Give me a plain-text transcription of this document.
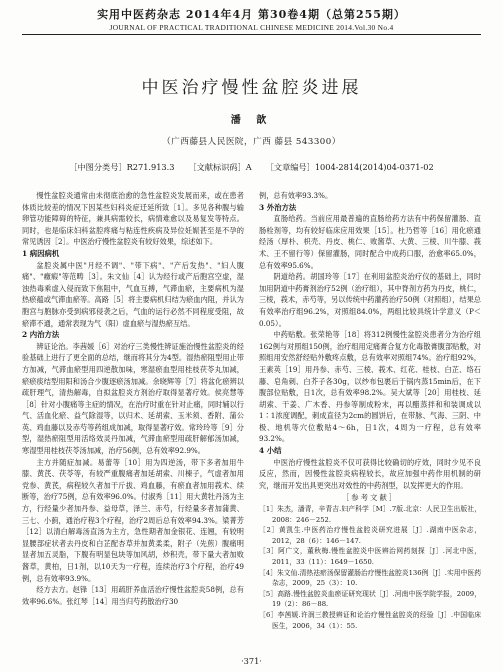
实用中医药杂志 2014年4月 第30卷4期（总第255期）
JOURNAL OF PRACTICAL TRADITIONAL CHINESE MEDICINE 2014.Vol.30 No.4
中医治疗慢性盆腔炎进展
潘 歆
（广西藤县人民医院，广西 藤县 543300）
［中图分类号］R271.913.3 ［文献标识码］A ［文章编号］1004-2814(2014)04-0371-02

慢性盆腔炎通常由未彻底治愈的急性盆腔炎发展而来，或在患者体质比较差的情况下因某些妇科炎症迁延所致［1］。多见各种腹与输卵管功能障碍的特征，兼具病需较长，病情难愈以及易复发等特点。同时，也是临床妇科盆腔疼痛与粘连性疾病及异位妊娠甚至是不孕的常见诱因［2］。中医治疗慢性盆腔炎有较好效果，综述如下。

1 病因病机

盆腔炎属中医"月经不调"、"带下病"、"产后发热"、"妇人腹痛"、"癥瘕"等范畴［3］。朱文仙［4］认为经行或产后胞宫空虚，湿浊热毒乘虚入侵而致下焦阻中，气血互搏，气滞血瘀，主要病机为湿热瘀蕴或气滞血瘀等。高路［5］将主要病机归结为瘀血内阻，并认为胞宫与胞脉亦受到病邪侵袭之后，气血的运行必然不同程度受阻，故瘀滞不通，通常表现为气（阳）虚血瘀与湿热瘀互结。

2 内治方法

辨证论治。李茜媛［6］对治疗三类慢性辨证施治慢性盆腔炎的经验基础上进行了更全面的总结，继而将其分为4型。湿热瘀阻型用止带方加减，气滞血瘀型用四逆散加味，寒湿瘀血型用桂枝茯苓丸加减，瘀瘀痰结型用阳和汤合少腹逐瘀汤加减。余晓辉等［7］将盆化瘀辨以疏肝理气，清热解毒，自拟盆腔炎方剂治疗取得显著疗效。侯亮慧等［8］针对小腹痛等主症的情况，在治疗时重在针对止痛，同时辅以行气、活血化瘀、益气除湿等，以归术、延胡索、玉米须、香附、蒲公英、鸡血藤以及赤芍等药组成加减，取得显著疗效。常玲玲等［9］分型，湿热瘀阻型用活络效灵丹加减，气滞血瘀型用疏肝解郁汤加减，寒湿型用桂枝茯苓汤加减，治疗56例，总有效率92.9%。

主方并随症加减。易蕾等［10］用为四逆汤，带下多者加用牛膝、黄芪、茯苓等，有较严重腹痛者加延胡索、川楝子，气虚者加用党参、黄芪，病程较久者加干斤拔、鸡血藤，有瘀血者加用莪术、续断等，治疗75例，总有效率96.0%。付淑秀［11］用大黄牡丹汤为主方，行经量少者加丹参、益母草，泽兰、赤芍，行经量多者加蒲黄、三七、小蓟，通治疗程3个疗程，治疗2周后总有效率94.3%。梁菁芳［12］以清白解毒汤直汤为主方，急性期者加金银花、连翘，有较明显腰部症状者去丹皮和白芷配杏草并加黄柔柔，附子（先煎）腹痛明显者加五灵脂，下腹有明显包块等加风胡，炒积壳，带下量大者加败酱草，黄柏，日1剂，以10天为一疗程，连续治疗3个疗程，治疗49例，总有效率93.9%。

经方去方。赵锋［13］用疏肝养血活治疗慢性盆腔炎58例，总有效率96.6%。张红琴［14］用当归芍药散治疗30

例，总有效率93.3%。
3 外治方法

直肠给药。当前应用最普遍的直肠给药方法有中药保留灌肠、直肠栓剂等，均有较好临床应用效果［15］。杜乃哲等［16］用化瘀通经汤（厚朴、枳壳、丹皮、桃仁、败酱草、大黄、三棱、川牛膝、莪术、王不留行等）保留灌肠，同时配合中成药口服，治愈率65.0%，总有效率95.6%。

阴道给药。胡国玲等［17］在利用盆腔炎治疗仪的基础上，同时加用阴道中药膏剂治疗52例（治疗组），其中脊剂方药为丹皮，桃仁，三棱，莪术，赤芍等，另以传统中药灌药治疗50例（对照组），结果总有效率治疗组96.2%，对照组84.0%，两组比较具统计学意义（P＜0.05）。

中药贴敷。张荣艳等［18］将312例慢性盆腔炎患者分为治疗组162例与对照组150例，治疗组用定痛膏合复方化毒散膏腹部贴敷，对照组用安然舒经贴外敷疼点敷，总有效率对照组74%。治疗组92%，王素英［19］用丹参、赤芍、三棱、莪术、红花、桂枝、白芷、络石藤、皂角刺、白芥子各30g，以纱布包裹后于锅内蒸15min后，在下腹部位贴敷，日1次，总有效率98.2%。吴大斌等［20］用桂枝、延胡索、干姜、广木香、丹参等制成粉末，再以醋蒸拌和和装调成以1∶1浓度调配，刺成直径为2cm的圆饼后，在带脉、气海、三阴、中极、地机等穴位敷贴4～6h，日1次，4周为一疗程，总有效率93.2%。

4 小结

中医治疗慢性盆腔炎不仅可获得比较确切的疗效，同时少见不良反应，然而，因慢性盆腔炎病程较长，故应加强中药作用机制的研究，继而开发出具更突出对效性的中药剂型，以发挥更大的作用。

［参考文献］
［1］朱杰，潘青，辛青吉.妇产科学［M］.7版.北京：人民卫生出版社，2008：246－252.
［2］黄凯生.中医药治疗慢性盆腔炎研究进展［J］.湖南中医杂志，2012，28（6）：146－147.
［3］阿广文，董秋梅.慢性盆腔炎中医辨治网药刻探［J］.河北中医，2011，33（11）：1649－1650.
［4］朱文仙.清热祛瘀汤保留灌肠治疗慢性盆腔炎136例［J］.实用中医药杂志，2009，25（3）：10.
［5］高路.慢性盆腔炎血瘀证研究现状［J］.河南中医学院学报，2009，19（2）：86－88.
［6］李茜媛.许润三教授辨证和论治疗慢性盆腔炎的经验［J］.中国临床医生，2006，34（1）：55.
·371·
